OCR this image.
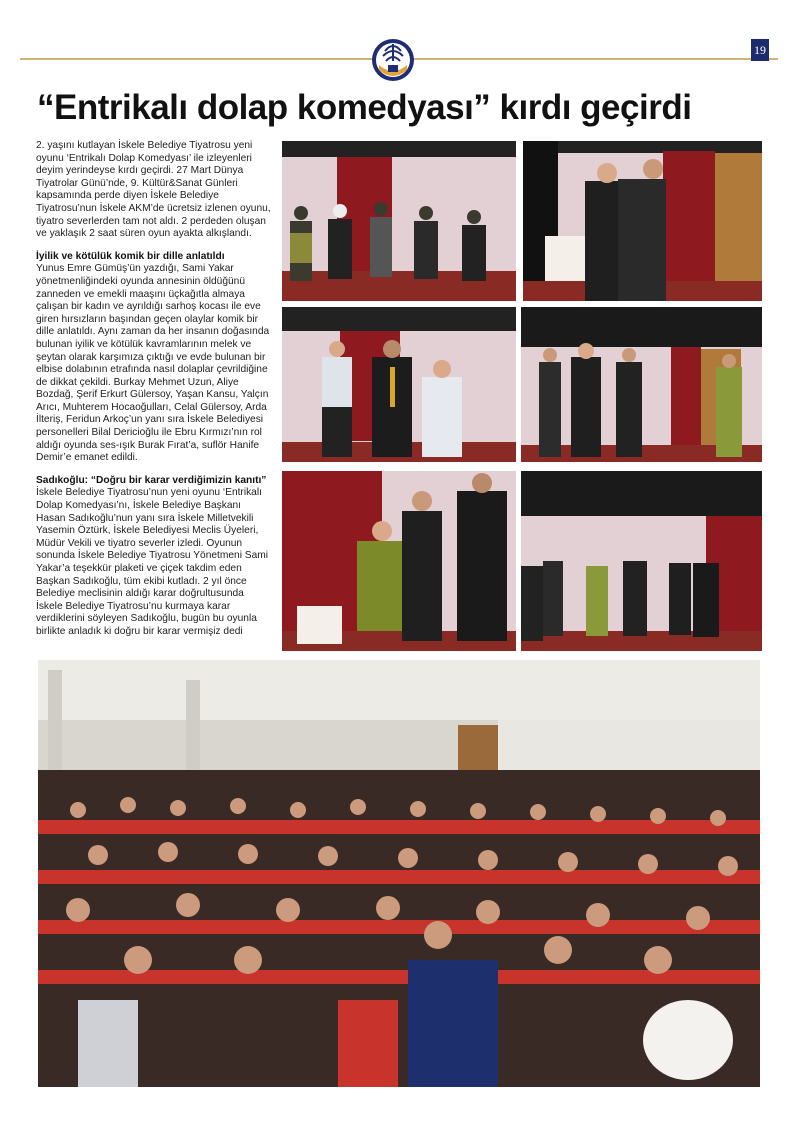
19
“Entrikalı dolap komedyası” kırdı geçirdi

2. yaşını kutlayan İskele Belediye Tiyatrosu yeni oyunu ‘Entrikalı Dolap Komedyası’ ile izleyenleri deyim yerindeyse kırdı geçirdi. 27 Mart Dünya Tiyatrolar Günü’nde, 9. Kültür&Sanat Günleri kapsamında perde diyen İskele Belediye Tiyatrosu’nun İskele AKM’de ücretsiz izlenen oyunu, tiyatro severlerden tam not aldı. 2 perdeden oluşan ve yaklaşık 2 saat süren oyun ayakta alkışlandı.

İyilik ve kötülük komik bir dille anlatıldı

Yunus Emre Gümüş’ün yazdığı, Sami Yakar yönetmenliğindeki oyunda annesinin öldüğünü zanneden ve emekli maaşını üçkağıtla almaya çalışan bir kadın ve ayrıldığı sarhoş kocası ile eve giren hırsızların başından geçen olaylar komik bir dille anlatıldı. Aynı zaman da her insanın doğasında bulunan iyilik ve kötülük kavramlarının melek ve şeytan olarak karşımıza çıktığı ve evde bulunan bir elbise dolabının etrafında nasıl dolaplar çevrildiğine de dikkat çekildi. Burkay Mehmet Uzun, Aliye Bozdağ, Şerif Erkurt Gülersoy, Yaşan Kansu, Yalçın Arıcı, Muhterem Hocaoğulları, Celal Gülersoy, Arda İlteriş, Feridun Arkoç’un yanı sıra İskele Belediyesi personelleri Bilal Dericioğlu ile Ebru Kırmızı’nın rol aldığı oyunda ses-ışık Burak Fırat’a, suflör Hanife Demir’e emanet edildi.

Sadıkoğlu: “Doğru bir karar verdiğimizin kanıtı”

İskele Belediye Tiyatrosu’nun yeni oyunu ‘Entrikalı Dolap Komedyası’nı, İskele Belediye Başkanı Hasan Sadıkoğlu’nun yanı sıra İskele Milletvekili Yasemin Öztürk, İskele Belediyesi Meclis Üyeleri, Müdür Vekili ve tiyatro severler izledi. Oyunun sonunda İskele Belediye Tiyatrosu Yönetmeni Sami Yakar’a teşekkür plaketi ve çiçek takdim eden Başkan Sadıkoğlu, tüm ekibi kutladı. 2 yıl önce Belediye meclisinin aldığı karar doğrultusunda İskele Belediye Tiyatrosu’nu kurmaya karar verdiklerini söyleyen Sadıkoğlu, bugün bu oyunla birlikte anladık ki doğru bir karar vermişiz dedi
